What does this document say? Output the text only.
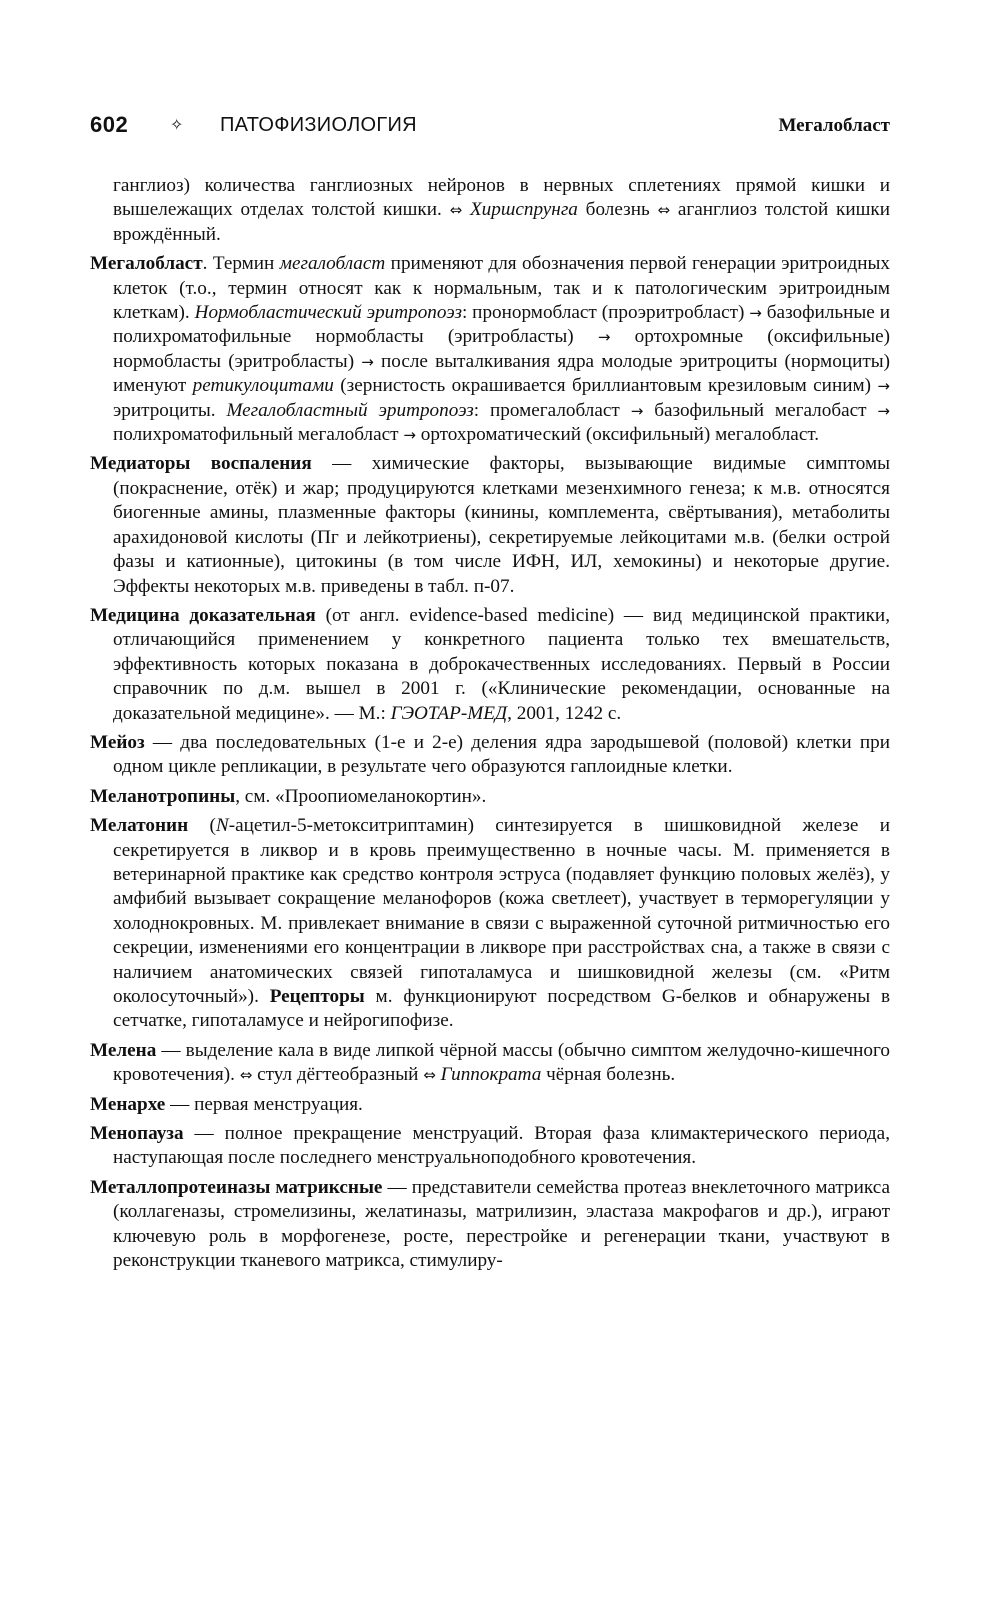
602	✧ ПАТОФИЗИОЛОГИЯ	Мегалобласт

ганглиоз) количества ганглиозных нейронов в нервных сплетениях прямой кишки и вышележащих отделах толстой кишки. ⇔ Хиршспрунга болезнь ⇔ аганглиоз толстой кишки врождённый.

Мегалобласт. Термин мегалобласт применяют для обозначения первой генерации эритроидных клеток (т.о., термин относят как к нормальным, так и к патологическим эритроидным клеткам). Нормобластический эритропоэз: пронормобласт (проэритробласт) → базофильные и полихроматофильные нормобласты (эритробласты) → ортохромные (оксифильные) нормобласты (эритробласты) → после выталкивания ядра молодые эритроциты (нормоциты) именуют ретикулоцитами (зернистость окрашивается бриллиантовым крезиловым синим) → эритроциты. Мегалобластный эритропоэз: промегалобласт → базофильный мегалобаст → полихроматофильный мегалобласт → ортохроматический (оксифильный) мегалобласт.

Медиаторы воспаления — химические факторы, вызывающие видимые симптомы (покраснение, отёк) и жар; продуцируются клетками мезенхимного генеза; к м.в. относятся биогенные амины, плазменные факторы (кинины, комплемента, свёртывания), метаболиты арахидоновой кислоты (Пг и лейкотриены), секретируемые лейкоцитами м.в. (белки острой фазы и катионные), цитокины (в том числе ИФН, ИЛ, хемокины) и некоторые другие. Эффекты некоторых м.в. приведены в табл. п-07.

Медицина доказательная (от англ. evidence-based medicine) — вид медицинской практики, отличающийся применением у конкретного пациента только тех вмешательств, эффективность которых показана в доброкачественных исследованиях. Первый в России справочник по д.м. вышел в 2001 г. («Клинические рекомендации, основанные на доказательной медицине». — М.: ГЭОТАР-МЕД, 2001, 1242 с.

Мейоз — два последовательных (1-е и 2-е) деления ядра зародышевой (половой) клетки при одном цикле репликации, в результате чего образуются гаплоидные клетки.

Меланотропины, см. «Проопиомеланокортин».

Мелатонин (N-ацетил-5-метокситриптамин) синтезируется в шишковидной железе и секретируется в ликвор и в кровь преимущественно в ночные часы. М. применяется в ветеринарной практике как средство контроля эструса (подавляет функцию половых желёз), у амфибий вызывает сокращение меланофоров (кожа светлеет), участвует в терморегуляции у холоднокровных. М. привлекает внимание в связи с выраженной суточной ритмичностью его секреции, изменениями его концентрации в ликворе при расстройствах сна, а также в связи с наличием анатомических связей гипоталамуса и шишковидной железы (см. «Ритм околосуточный»). Рецепторы м. функционируют посредством G-белков и обнаружены в сетчатке, гипоталамусе и нейрогипофизе.

Мелена — выделение кала в виде липкой чёрной массы (обычно симптом желудочно-кишечного кровотечения). ⇔ стул дёгтеобразный ⇔ Гиппократа чёрная болезнь.

Менархе — первая менструация.

Менопауза — полное прекращение менструаций. Вторая фаза климактерического периода, наступающая после последнего менструальноподобного кровотечения.

Металлопротеиназы матриксные — представители семейства протеаз внеклеточного матрикса (коллагеназы, стромелизины, желатиназы, матрилизин, эластаза макрофагов и др.), играют ключевую роль в морфогенезе, росте, перестройке и регенерации ткани, участвуют в реконструкции тканевого матрикса, стимулиру-
